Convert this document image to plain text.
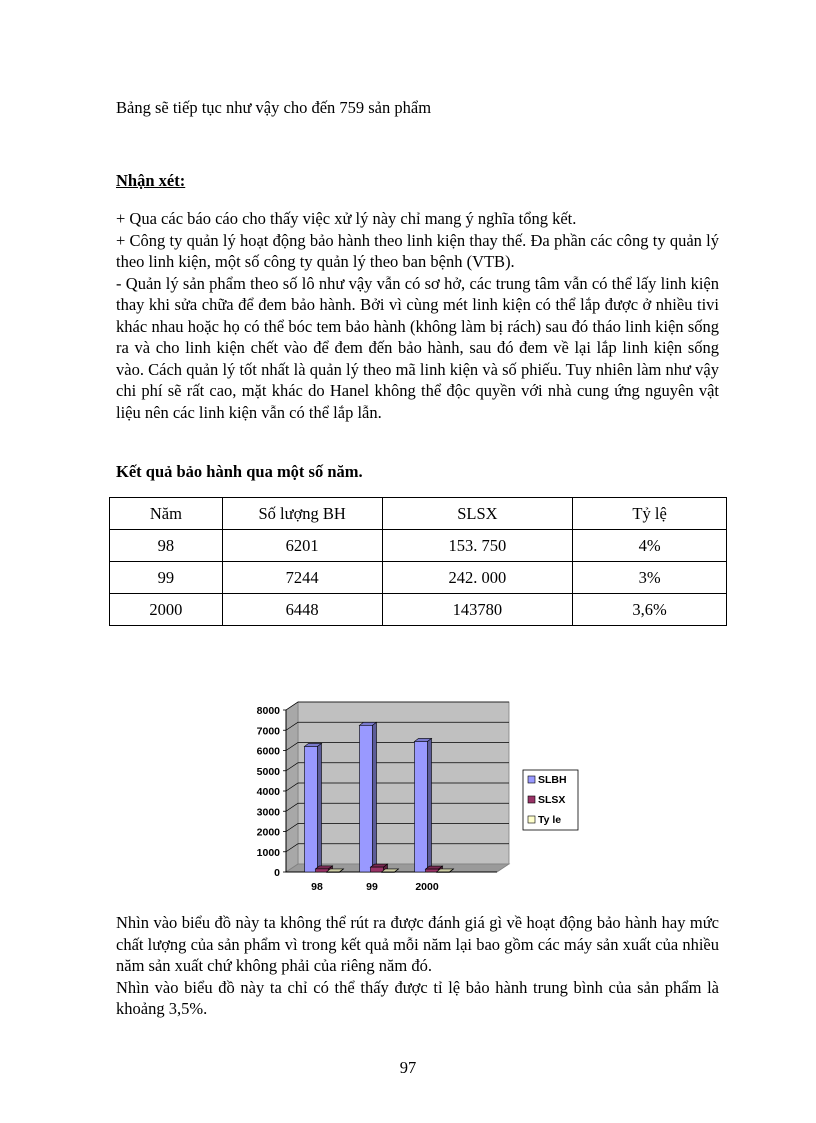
Bảng sẽ tiếp tục như vậy cho đến 759 sản phẩm

Nhận xét:

+ Qua các báo cáo cho thấy việc xử lý này chỉ mang ý nghĩa tổng kết.
+ Công ty quản lý hoạt động bảo hành theo linh kiện thay thế. Đa phần các công ty quản lý theo linh kiện, một số công ty quản lý theo ban bệnh (VTB).
- Quản lý sản phẩm theo số lô như vậy vẫn có sơ hở, các trung tâm vẫn có thể lấy linh kiện thay khi sửa chữa để đem bảo hành. Bởi vì cùng mét linh kiện có thể lắp được ở nhiều tivi khác nhau hoặc họ có thể bóc tem bảo hành (không làm bị rách) sau đó tháo linh kiện sống ra và cho linh kiện chết vào để đem đến bảo hành, sau đó đem về lại lắp linh kiện sống vào. Cách quản lý tốt nhất là quản lý theo mã linh kiện và số phiếu. Tuy nhiên làm như vậy chi phí sẽ rất cao, mặt khác do Hanel không thể độc quyền với nhà cung ứng nguyên vật liệu nên các linh kiện vẫn có thể lắp lẫn.

Kết quả bảo hành qua một số năm.

Năm	Số lượng BH	SLSX	Tỷ lệ
98	6201	153. 750	4%
99	7244	242. 000	3%
2000	6448	143780	3,6%
0
1000
2000
3000
4000
5000
6000
7000
8000
98	99	2000
SLBH
SLSX
Ty le
Nhìn vào biểu đồ này ta không thể rút ra được đánh giá gì về hoạt động bảo hành hay mức chất lượng của sản phẩm vì trong kết quả mỗi năm lại bao gồm các máy sản xuất của nhiều năm sản xuất chứ không phải của riêng năm đó.
Nhìn vào biểu đồ này ta chỉ có thể thấy được tỉ lệ bảo hành trung bình của sản phẩm là khoảng 3,5%.
97
